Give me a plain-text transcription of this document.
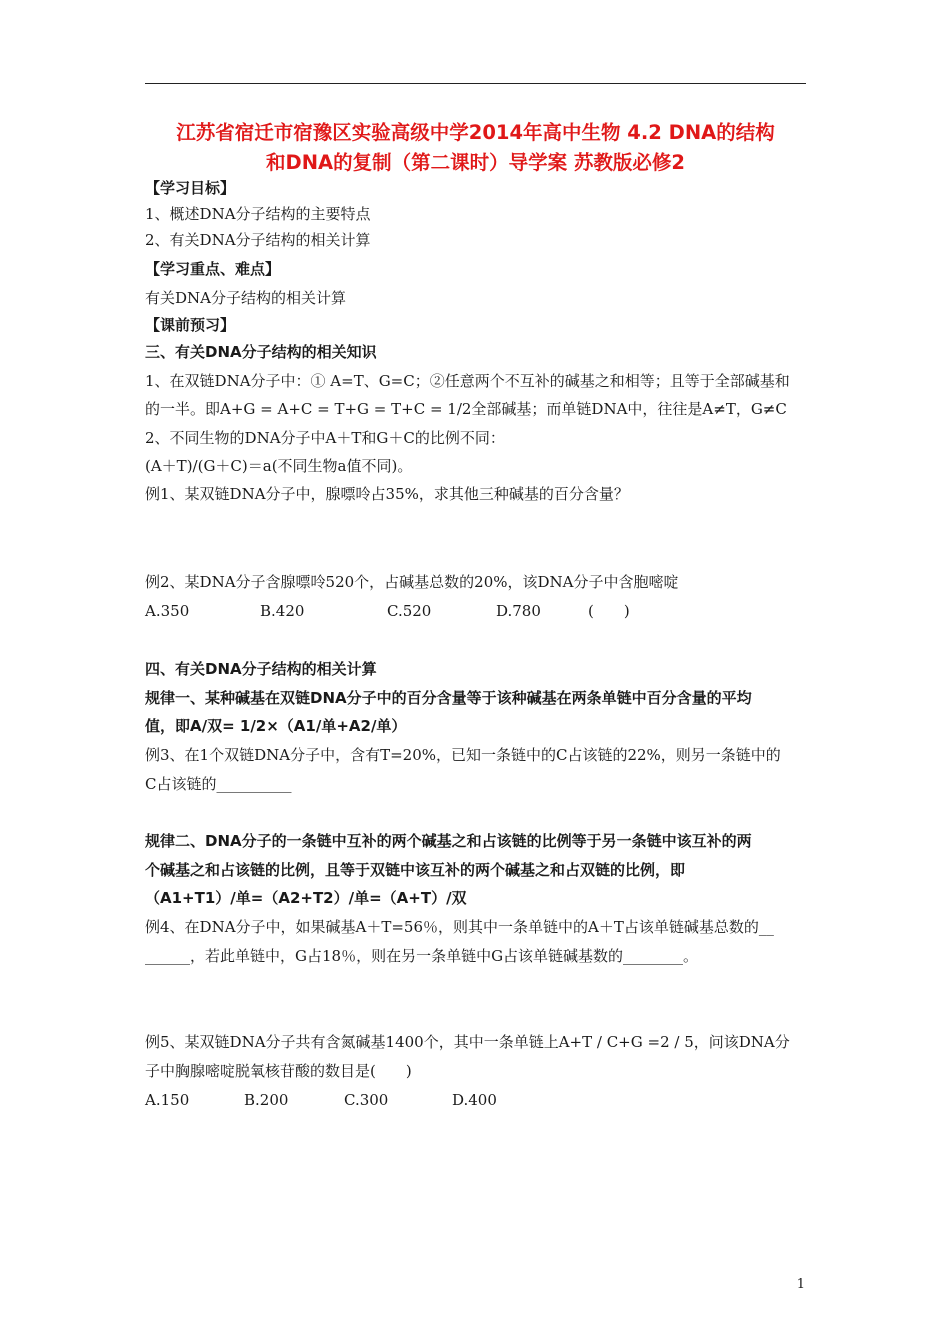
江苏省宿迁市宿豫区实验高级中学2014年高中生物 4.2 DNA的结构
和DNA的复制（第二课时）导学案 苏教版必修2
【学习目标】
1、概述DNA分子结构的主要特点
2、有关DNA分子结构的相关计算
【学习重点、难点】
有关DNA分子结构的相关计算
【课前预习】
三、有关DNA分子结构的相关知识
1、在双链DNA分子中：① A=T、G=C；②任意两个不互补的碱基之和相等；且等于全部碱基和
的一半。即A+G = A+C = T+G = T+C = 1/2全部碱基；而单链DNA中，往往是A≠T，G≠C
2、不同生物的DNA分子中A＋T和G＋C的比例不同：
(A＋T)/(G＋C)＝a(不同生物a值不同)。
例1、某双链DNA分子中，腺嘌呤占35%，求其他三种碱基的百分含量？
例2、某DNA分子含腺嘌呤520个，占碱基总数的20%，该DNA分子中含胞嘧啶
A.350	B.420	C.520	D.780	(　　)
四、有关DNA分子结构的相关计算
规律一、某种碱基在双链DNA分子中的百分含量等于该种碱基在两条单链中百分含量的平均
值，即A/双= 1/2×（A1/单+A2/单）
例3、在1个双链DNA分子中，含有T=20%，已知一条链中的C占该链的22%，则另一条链中的
C占该链的__________
规律二、DNA分子的一条链中互补的两个碱基之和占该链的比例等于另一条链中该互补的两
个碱基之和占该链的比例，且等于双链中该互补的两个碱基之和占双链的比例，即
（A1+T1）/单=（A2+T2）/单=（A+T）/双
例4、在DNA分子中，如果碱基A＋T=56％，则其中一条单链中的A＋T占该单链碱基总数的__
______，若此单链中，G占18％，则在另一条单链中G占该单链碱基数的________。
例5、某双链DNA分子共有含氮碱基1400个，其中一条单链上A+T / C+G =2 / 5，问该DNA分
子中胸腺嘧啶脱氧核苷酸的数目是(　　)
A.150	B.200	C.300	D.400
1
